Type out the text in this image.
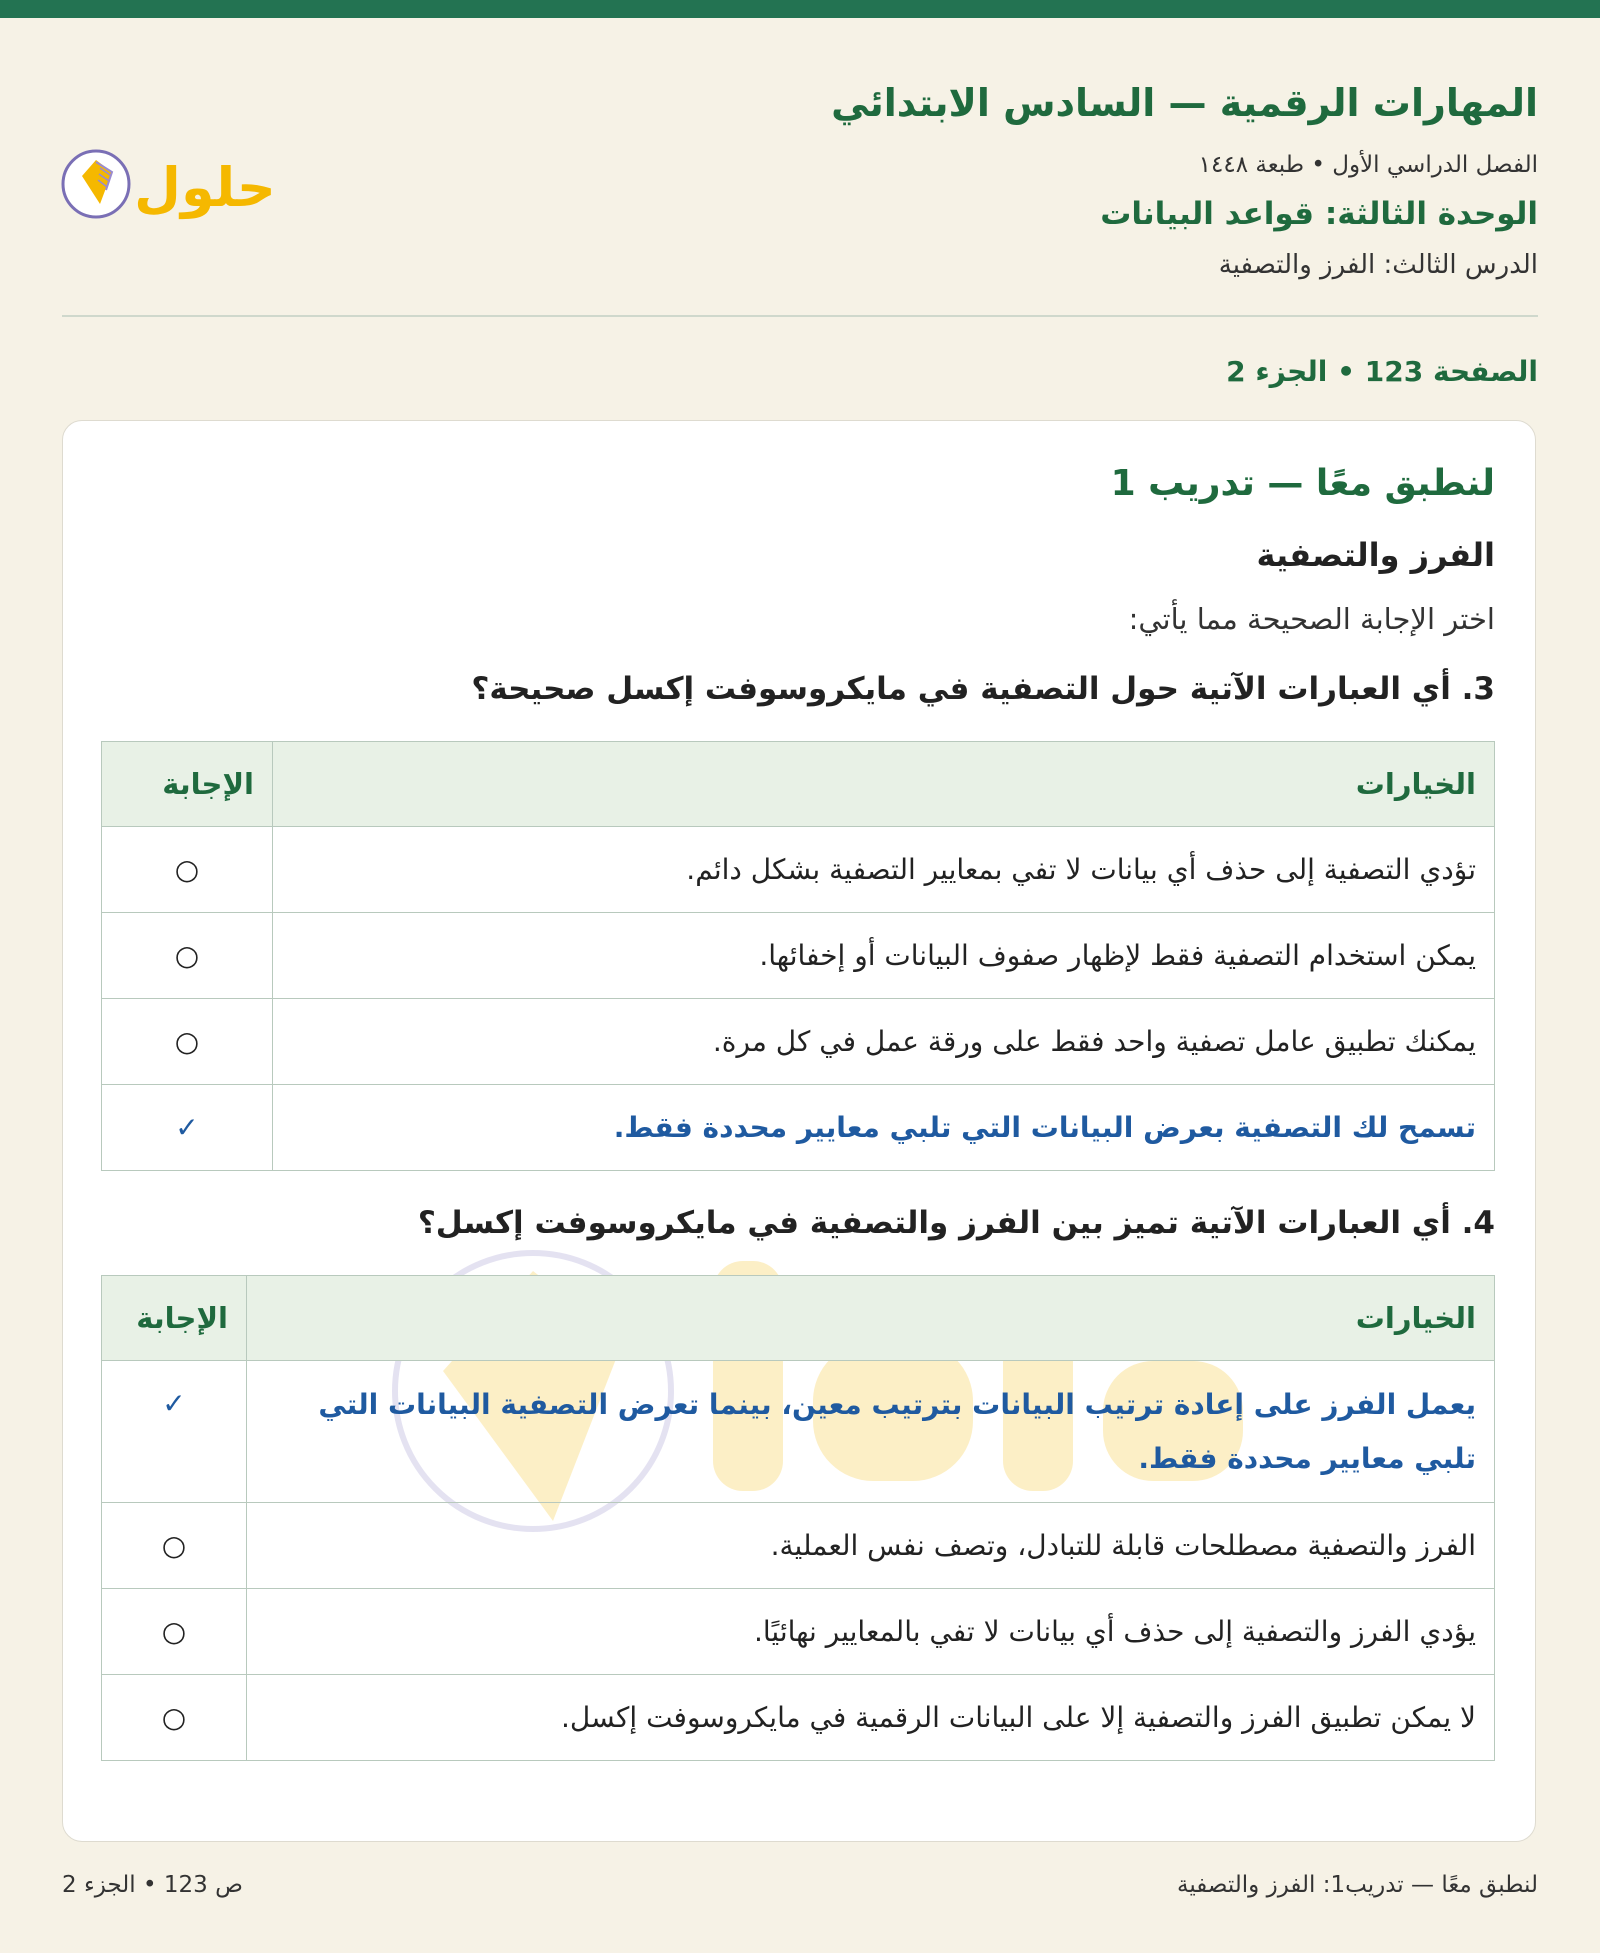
المهارات الرقمية — السادس الابتدائي
الفصل الدراسي الأول • طبعة ١٤٤٨
الوحدة الثالثة: قواعد البيانات
الدرس الثالث: الفرز والتصفية
حلول
الصفحة 123 • الجزء 2
لنطبق معًا — تدريب 1
الفرز والتصفية
اختر الإجابة الصحيحة مما يأتي:
3. أي العبارات الآتية حول التصفية في مايكروسوفت إكسل صحيحة؟
الخيارات	الإجابة
تؤدي التصفية إلى حذف أي بيانات لا تفي بمعايير التصفية بشكل دائم.	○
يمكن استخدام التصفية فقط لإظهار صفوف البيانات أو إخفائها.	○
يمكنك تطبيق عامل تصفية واحد فقط على ورقة عمل في كل مرة.	○
تسمح لك التصفية بعرض البيانات التي تلبي معايير محددة فقط.	✓
4. أي العبارات الآتية تميز بين الفرز والتصفية في مايكروسوفت إكسل؟
الخيارات	الإجابة
يعمل الفرز على إعادة ترتيب البيانات بترتيب معين، بينما تعرض التصفية البيانات التي تلبي معايير محددة فقط.	✓
الفرز والتصفية مصطلحات قابلة للتبادل، وتصف نفس العملية.	○
يؤدي الفرز والتصفية إلى حذف أي بيانات لا تفي بالمعايير نهائيًا.	○
لا يمكن تطبيق الفرز والتصفية إلا على البيانات الرقمية في مايكروسوفت إكسل.	○
ص 123 • الجزء 2	لنطبق معًا — تدريب1: الفرز والتصفية
